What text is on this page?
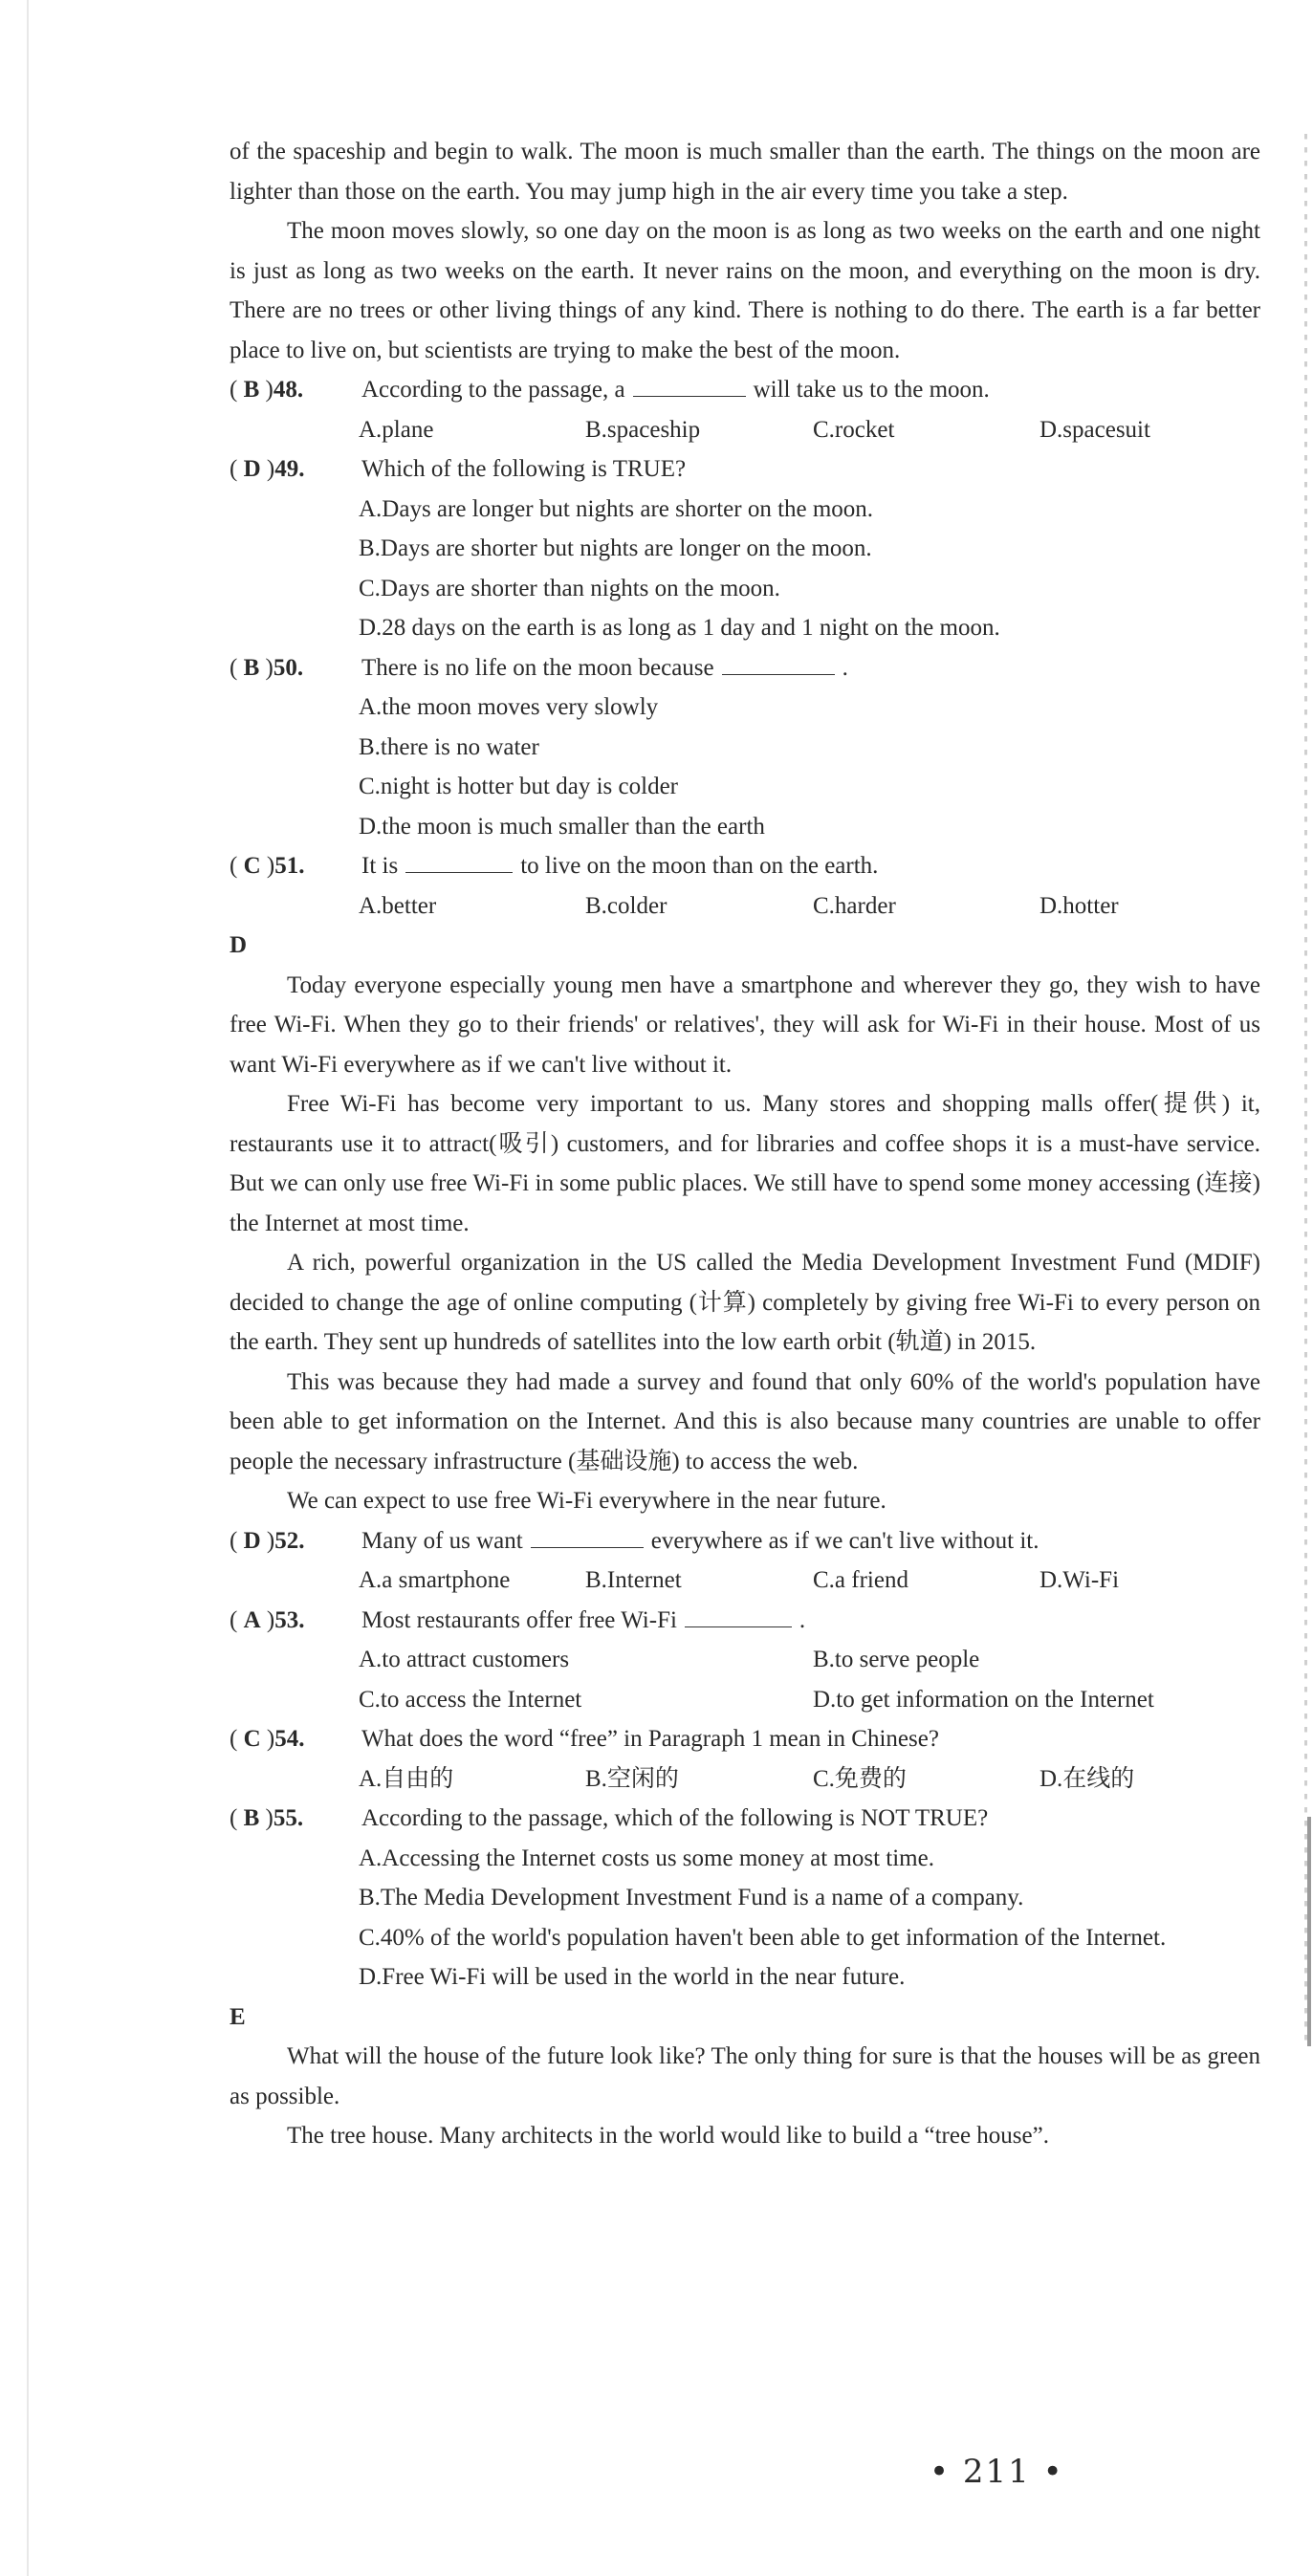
of the spaceship and begin to walk. The moon is much smaller than the earth. The things on the moon are lighter than those on the earth. You may jump high in the air every time you take a step.

The moon moves slowly, so one day on the moon is as long as two weeks on the earth and one night is just as long as two weeks on the earth. It never rains on the moon, and everything on the moon is dry. There are no trees or other living things of any kind. There is nothing to do there. The earth is a far better place to live on, but scientists are trying to make the best of the moon.

( B )48. According to the passage, a	will take us to the moon.

A.plane	B.spaceship	C.rocket	D.spacesuit

( D )49. Which of the following is TRUE?

A.Days are longer but nights are shorter on the moon.

B.Days are shorter but nights are longer on the moon.

C.Days are shorter than nights on the moon.

D.28 days on the earth is as long as 1 day and 1 night on the moon.

( B )50. There is no life on the moon because	.

A.the moon moves very slowly

B.there is no water

C.night is hotter but day is colder

D.the moon is much smaller than the earth

( C )51. It is	to live on the moon than on the earth.

A.better	B.colder	C.harder	D.hotter

D

Today everyone especially young men have a smartphone and wherever they go, they wish to have free Wi-Fi. When they go to their friends' or relatives', they will ask for Wi-Fi in their house. Most of us want Wi-Fi everywhere as if we can't live without it.

Free Wi-Fi has become very important to us. Many stores and shopping malls offer(提供) it, restaurants use it to attract(吸引) customers, and for libraries and coffee shops it is a must-have service. But we can only use free Wi-Fi in some public places. We still have to spend some money accessing (连接) the Internet at most time.

A rich, powerful organization in the US called the Media Development Investment Fund (MDIF) decided to change the age of online computing (计算) completely by giving free Wi-Fi to every person on the earth. They sent up hundreds of satellites into the low earth orbit (轨道) in 2015.

This was because they had made a survey and found that only 60% of the world's population have been able to get information on the Internet. And this is also because many countries are unable to offer people the necessary infrastructure (基础设施) to access the web.

We can expect to use free Wi-Fi everywhere in the near future.

( D )52. Many of us want	everywhere as if we can't live without it.

A.a smartphone	B.Internet	C.a friend	D.Wi-Fi

( A )53. Most restaurants offer free Wi-Fi	.

A.to attract customers	B.to serve people
C.to access the Internet	D.to get information on the Internet

( C )54. What does the word “free” in Paragraph 1 mean in Chinese?

A.自由的	B.空闲的	C.免费的	D.在线的

( B )55. According to the passage, which of the following is NOT TRUE?

A.Accessing the Internet costs us some money at most time.

B.The Media Development Investment Fund is a name of a company.

C.40% of the world's population haven't been able to get information of the Internet.

D.Free Wi-Fi will be used in the world in the near future.

E

What will the house of the future look like? The only thing for sure is that the houses will be as green as possible.

The tree house. Many architects in the world would like to build a “tree house”.

• 211 •
